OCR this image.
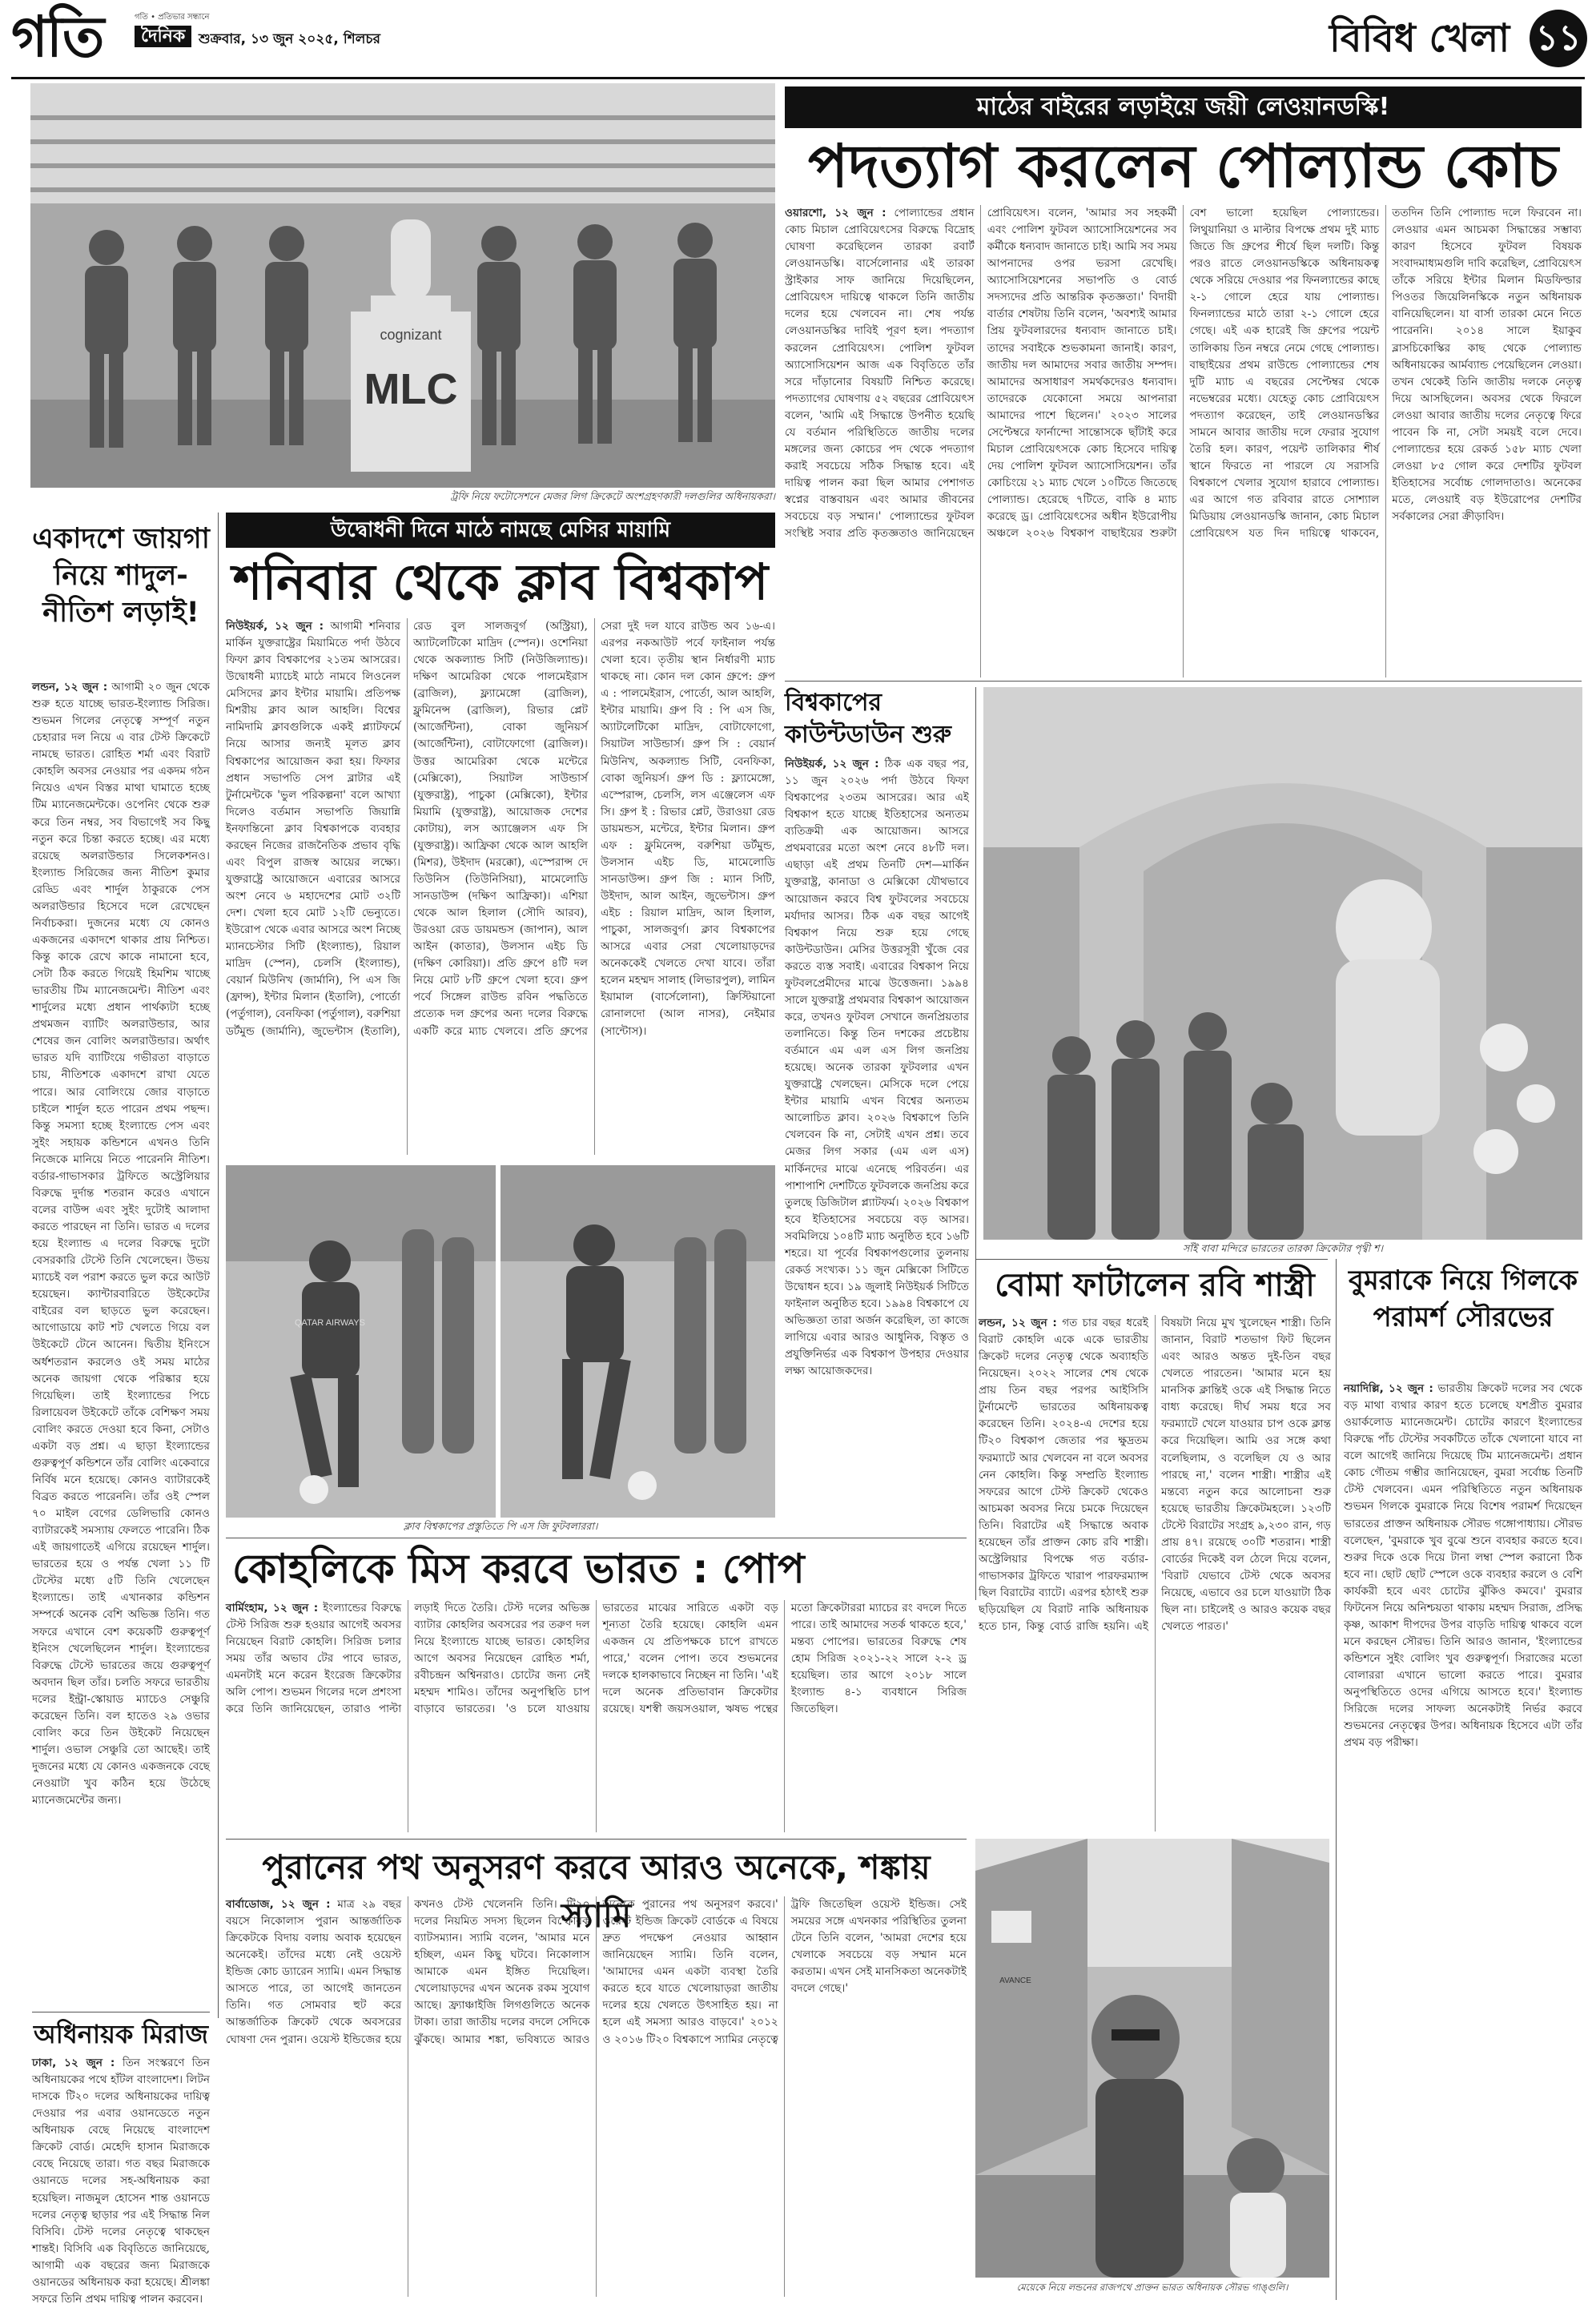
গতি	গতি • প্রতিভার সন্ধানে
দৈনিক শুক্রবার, ১৩ জুন ২০২৫, শিলচর	বিবিধ খেলা ১১
cognizant
MLC
ট্রফি নিয়ে ফটোসেশনে মেজর লিগ ক্রিকেটে অংশগ্রহণকারী দলগুলির অধিনায়করা।
মাঠের বাইরের লড়াইয়ে জয়ী লেওয়ানডস্কি!
পদত্যাগ করলেন পোল্যান্ড কোচ
ওয়ারশো, ১২ জুন : পোল্যান্ডের প্রধান কোচ মিচাল প্রোবিয়েৎসের বিরুদ্ধে বিদ্রোহ ঘোষণা করেছিলেন তারকা রবার্ট লেওয়ানডস্কি। বার্সেলোনার এই তারকা স্ট্রাইকার সাফ জানিয়ে দিয়েছিলেন, প্রোবিয়েৎস দায়িত্বে থাকলে তিনি জাতীয় দলের হয়ে খেলবেন না। শেষ পর্যন্ত লেওয়ানডস্কির দাবিই পূরণ হল। পদত্যাগ করলেন প্রোবিয়েৎস। পোলিশ ফুটবল অ্যাসোসিয়েশন আজ এক বিবৃতিতে তাঁর সরে দাঁড়ানোর বিষয়টি নিশ্চিত করেছে। পদত্যাগের ঘোষণায় ৫২ বছরের প্রোবিয়েৎস বলেন, 'আমি এই সিদ্ধান্তে উপনীত হয়েছি যে বর্তমান পরিস্থিতিতে জাতীয় দলের মঙ্গলের জন্য কোচের পদ থেকে পদত্যাগ করাই সবচেয়ে সঠিক সিদ্ধান্ত হবে। এই দায়িত্ব পালন করা ছিল আমার পেশাগত স্বপ্নের বাস্তবায়ন এবং আমার জীবনের সবচেয়ে বড় সম্মান।' পোল্যান্ডের ফুটবল সংস্থিষ্ট সবার প্রতি কৃতজ্ঞতাও জানিয়েছেন প্রোবিয়েৎস। বলেন, 'আমার সব সহকর্মী এবং পোলিশ ফুটবল অ্যাসোসিয়েশনের সব কর্মীকে ধন্যবাদ জানাতে চাই। আমি সব সময় আপনাদের ওপর ভরসা রেখেছি। অ্যাসোসিয়েশনের সভাপতি ও বোর্ড সদস্যদের প্রতি আন্তরিক কৃতজ্ঞতা।' বিদায়ী বার্তার শেষটায় তিনি বলেন, 'অবশ্যই আমার প্রিয় ফুটবলারদের ধন্যবাদ জানাতে চাই। তাদের সবাইকে শুভকামনা জানাই। কারণ, জাতীয় দল আমাদের সবার জাতীয় সম্পদ। আমাদের অসাধারণ সমর্থকদেরও ধন্যবাদ। তাদেরকে যেকোনো সময়ে আপনারা আমাদের পাশে ছিলেন।' ২০২৩ সালের সেপ্টেম্বরে ফার্নান্দো সান্তোসকে ছাঁটাই করে মিচাল প্রোবিয়েৎসকে কোচ হিসেবে দায়িত্ব দেয় পোলিশ ফুটবল অ্যাসোসিয়েশন। তাঁর কোচিংয়ে ২১ ম্যাচ খেলে ১০টিতে জিতেছে পোল্যান্ড। হেরেছে ৭টিতে, বাকি ৪ ম্যাচ করেছে ড্র। প্রোবিয়েৎসের অধীন ইউরোপীয় অঞ্চলে ২০২৬ বিশ্বকাপ বাছাইয়ের শুরুটা বেশ ভালো হয়েছিল পোল্যান্ডের। লিথুয়ানিয়া ও মাল্টার বিপক্ষে প্রথম দুই ম্যাচ জিতে জি গ্রুপের শীর্ষে ছিল দলটি। কিন্তু পরও রাতে লেওয়ানডস্কিকে অধিনায়কত্ব থেকে সরিয়ে দেওয়ার পর ফিনল্যান্ডের কাছে ২-১ গোলে হেরে যায় পোল্যান্ড। ফিনল্যান্ডের মাঠে তারা ২-১ গোলে হেরে গেছে। এই এক হারেই জি গ্রুপের পয়েন্ট তালিকায় তিন নম্বরে নেমে গেছে পোল্যান্ড। বাছাইয়ের প্রথম রাউন্ডে পোল্যান্ডের শেষ দুটি ম্যাচ এ বছরের সেপ্টেম্বর থেকে নভেম্বরের মধ্যে। যেহেতু কোচ প্রোবিয়েৎস পদত্যাগ করেছেন, তাই লেওয়ানডস্কির সামনে আবার জাতীয় দলে ফেরার সুযোগ তৈরি হল। কারণ, পয়েন্ট তালিকার শীর্ষ স্থানে ফিরতে না পারলে যে সরাসরি বিশ্বকাপে খেলার সুযোগ হারাবে পোল্যান্ড। এর আগে গত রবিবার রাতে সোশ্যাল মিডিয়ায় লেওয়ানডস্কি জানান, কোচ মিচাল প্রোবিয়েৎস যত দিন দায়িত্বে থাকবেন, ততদিন তিনি পোল্যান্ড দলে ফিরবেন না। লেওয়ার এমন আচমকা সিদ্ধান্তের সম্ভাব্য কারণ হিসেবে ফুটবল বিষয়ক সংবাদমাধ্যমগুলি দাবি করেছিল, প্রোবিয়েৎস তাঁকে সরিয়ে ইন্টার মিলান মিডফিল্ডার পিওতর জিয়েলিনস্কিকে নতুন অধিনায়ক বানিয়েছিলেন। যা বার্সা তারকা মেনে নিতে পারেননি। ২০১৪ সালে ইয়াকুব ব্লাসচিকোস্কির কাছ থেকে পোল্যান্ড অধিনায়কের আর্মব্যান্ড পেয়েছিলেন লেওয়া। তখন থেকেই তিনি জাতীয় দলকে নেতৃত্ব দিয়ে আসছিলেন। অবসর থেকে ফিরলে লেওয়া আবার জাতীয় দলের নেতৃত্বে ফিরে পাবেন কি না, সেটা সময়ই বলে দেবে। পোল্যান্ডের হয়ে রেকর্ড ১৫৮ ম্যাচ খেলা লেওয়া ৮৫ গোল করে দেশটির ফুটবল ইতিহাসের সর্বোচ্চ গোলদাতাও। অনেকের মতে, লেওয়াই বড় ইউরোপের দেশটির সর্বকালের সেরা ক্রীড়াবিদ।
একাদশে জায়গা নিয়ে শাদুল- নীতিশ লড়াই!
লন্ডন, ১২ জুন : আগামী ২০ জুন থেকে শুরু হতে যাচ্ছে ভারত-ইংল্যান্ড সিরিজ। শুভমন গিলের নেতৃত্বে সম্পূর্ণ নতুন চেহারার দল নিয়ে এ বার টেস্ট ক্রিকেটে নামছে ভারত। রোহিত শর্মা এবং বিরাট কোহলি অবসর নেওয়ার পর একদম গঠন নিয়েও এখন বিস্তর মাথা ঘামাতে হচ্ছে টিম ম্যানেজমেন্টকে। ওপেনিং থেকে শুরু করে তিন নম্বর, সব বিভাগেই সব কিছু নতুন করে চিন্তা করতে হচ্ছে। এর মধ্যে রয়েছে অলরাউন্ডার সিলেকশনও। ইংল্যান্ড সিরিজের জন্য নীতিশ কুমার রেড্ডি এবং শার্দুল ঠাকুরকে পেস অলরাউন্ডার হিসেবে দলে রেখেছেন নির্বাচকরা। দুজনের মধ্যে যে কোনও একজনের একাদশে থাকার প্রায় নিশ্চিত। কিন্তু কাকে রেখে কাকে নামানো হবে, সেটা ঠিক করতে গিয়েই হিমশিম খাচ্ছে ভারতীয় টিম ম্যানেজমেন্ট। নীতিশ এবং শার্দুলের মধ্যে প্রধান পার্থক্যটা হচ্ছে প্রথমজন ব্যাটিং অলরাউন্ডার, আর শেষের জন বোলিং অলরাউন্ডার। অর্থাৎ ভারত যদি ব্যাটিংয়ে গভীরতা বাড়াতে চায়, নীতিশকে একাদশে রাখা যেতে পারে। আর বোলিংয়ে জোর বাড়াতে চাইলে শার্দুল হতে পারেন প্রথম পছন্দ। কিন্তু সমস্যা হচ্ছে ইংল্যান্ডে পেস এবং সুইং সহায়ক কন্ডিশনে এখনও তিনি নিজেকে মানিয়ে নিতে পারেননি নীতিশ। বর্ডার-গাভাসকার ট্রফিতে অস্ট্রেলিয়ার বিরুদ্ধে দুর্দান্ত শতরান করেও এখানে বলের বাউন্স এবং সুইং দুটোই আলাদা করতে পারছেন না তিনি। ভারত এ দলের হয়ে ইংল্যান্ড এ দলের বিরুদ্ধে দুটো বেসরকারি টেস্টে তিনি খেলেছেন। উভয় ম্যাচেই বল পরাশ করতে ভুল করে আউট হয়েছেন। ক্যান্টারবারিতে উইকেটের বাইরের বল ছাড়তে ভুল করেছেন। আগোডায়ে কাট শট খেলতে গিয়ে বল উইকেটে টেনে আনেন। দ্বিতীয় ইনিংসে অর্ধশতরান করলেও ওই সময় মাঠের অনেক জায়গা থেকে পরিষ্কার হয়ে গিয়েছিল। তাই ইংল্যান্ডের পিচে রিলায়েবল উইকেটে তাঁকে বেশিক্ষণ সময় বোলিং করতে দেওয়া হবে কিনা, সেটাও একটা বড় প্রশ্ন। এ ছাড়া ইংল্যান্ডের গুরুত্বপূর্ণ কন্ডিশনে তাঁর বোলিং একেবারে নির্বিষ মনে হয়েছে। কোনও ব্যাটারকেই বিব্রত করতে পারেননি। তাঁর ওই স্পেল ৭০ মাইল বেগের ডেলিভারি কোনও ব্যাটারকেই সমস্যায় ফেলতে পারেনি। ঠিক এই জায়গাতেই এগিয়ে রয়েছেন শার্দুল। ভারতের হয়ে ও পর্যন্ত খেলা ১১ টি টেস্টের মধ্যে ৫টি তিনি খেলেছেন ইংল্যান্ডে। তাই এখানকার কন্ডিশন সম্পর্কে অনেক বেশি অভিজ্ঞ তিনি। গত সফরে এখানে বেশ কয়েকটি গুরুত্বপূর্ণ ইনিংস খেলেছিলেন শার্দুল। ইংল্যান্ডের বিরুদ্ধে টেস্টে ভারতের জয়ে গুরুত্বপূর্ণ অবদান ছিল তাঁর। চলতি সফরে ভারতীয় দলের ইন্ট্রা-স্কোয়াড ম্যাচেও সেঞ্চুরি করেছেন তিনি। বল হাতেও ২৯ ওভার বোলিং করে তিন উইকেট নিয়েছেন শার্দুল। ওভাল সেঞ্চুরি তো আছেই। তাই দুজনের মধ্যে যে কোনও একজনকে বেছে নেওয়াটা খুব কঠিন হয়ে উঠেছে ম্যানেজমেন্টের জন্য।
অধিনায়ক মিরাজ
ঢাকা, ১২ জুন : তিন সংস্করণে তিন অধিনায়কের পথে হাঁটল বাংলাদেশ। লিটন দাসকে টি২০ দলের অধিনায়কের দায়িত্ব দেওয়ার পর এবার ওয়ানডেতে নতুন অধিনায়ক বেছে নিয়েছে বাংলাদেশ ক্রিকেট বোর্ড। মেহেদি হাসান মিরাজকে বেছে নিয়েছে তারা। গত বছর মিরাজকে ওয়ানডে দলের সহ-অধিনায়ক করা হয়েছিল। নাজমুল হোসেন শান্ত ওয়ানডে দলের নেতৃত্ব ছাড়ার পর এই সিদ্ধান্ত নিল বিসিবি। টেস্ট দলের নেতৃত্বে থাকছেন শান্তই। বিসিবি এক বিবৃতিতে জানিয়েছে, আগামী এক বছরের জন্য মিরাজকে ওয়ানডের অধিনায়ক করা হয়েছে। শ্রীলঙ্কা সফরে তিনি প্রথম দায়িত্ব পালন করবেন।
উদ্বোধনী দিনে মাঠে নামছে মেসির মায়ামি
শনিবার থেকে ক্লাব বিশ্বকাপ
নিউইয়র্ক, ১২ জুন : আগামী শনিবার মার্কিন যুক্তরাষ্ট্রের মিয়ামিতে পর্দা উঠবে ফিফা ক্লাব বিশ্বকাপের ২১তম আসরের। উদ্বোধনী ম্যাচেই মাঠে নামবে লিওনেল মেসিদের ক্লাব ইন্টার মায়ামি। প্রতিপক্ষ মিশরীয় ক্লাব আল আহলি। বিশ্বের নামিদামি ক্লাবগুলিকে একই প্ল্যাটফর্মে নিয়ে আসার জন্যই মূলত ক্লাব বিশ্বকাপের আয়োজন করা হয়। ফিফার প্রধান সভাপতি সেপ ব্লাটার এই টুর্নামেন্টকে 'ভুল পরিকল্পনা' বলে আখ্যা দিলেও বর্তমান সভাপতি জিয়ান্নি ইনফান্তিনো ক্লাব বিশ্বকাপকে ব্যবহার করছেন নিজের রাজনৈতিক প্রভাব বৃদ্ধি এবং বিপুল রাজস্ব আয়ের লক্ষ্যে। যুক্তরাষ্ট্রে আয়োজনে এবারের আসরে অংশ নেবে ৬ মহাদেশের মোট ৩২টি দেশ। খেলা হবে মোট ১২টি ভেন্যুতে। ইউরোপ থেকে এবার আসরে অংশ নিচ্ছে ম্যানচেস্টার সিটি (ইংল্যান্ড), রিয়াল মাদ্রিদ (স্পেন), চেলসি (ইংল্যান্ড), বেয়ার্ন মিউনিখ (জার্মানি), পি এস জি (ফ্রান্স), ইন্টার মিলান (ইতালি), পোর্তো (পর্তুগাল), বেনফিকা (পর্তুগাল), বরুশিয়া ডর্টমুন্ড (জার্মানি), জুভেন্টাস (ইতালি), রেড বুল সালজবুর্গ (অস্ট্রিয়া), অ্যাটলেটিকো মাদ্রিদ (স্পেন)। ওশেনিয়া থেকে অকল্যান্ড সিটি (নিউজিল্যান্ড)। দক্ষিণ আমেরিকা থেকে পালমেইরাস (ব্রাজিল), ফ্ল্যামেঙ্গো (ব্রাজিল), ফ্লুমিনেন্স (ব্রাজিল), রিভার প্লেট (আর্জেন্টিনা), বোকা জুনিয়র্স (আর্জেন্টিনা), বোটাফোগো (ব্রাজিল)। উত্তর আমেরিকা থেকে মন্টেরে (মেক্সিকো), সিয়াটল সাউন্ডার্স (যুক্তরাষ্ট্র), পাচুকা (মেক্সিকো), ইন্টার মিয়ামি (যুক্তরাষ্ট্র), আয়োজক দেশের কোটায়), লস অ্যাঞ্জেলস এফ সি (যুক্তরাষ্ট্র)। আফ্রিকা থেকে আল আহলি (মিশর), উইদাদ (মরক্কো), এস্পেরান্স দে তিউনিস (তিউনিসিয়া), মামেলোডি সানডাউন্স (দক্ষিণ আফ্রিকা)। এশিয়া থেকে আল হিলাল (সৌদি আরব), উরওয়া রেড ডায়মন্ডস (জাপান), আল আইন (কাতার), উলসান এইচ ডি (দক্ষিণ কোরিয়া)। প্রতি গ্রুপে ৪টি দল নিয়ে মোট ৮টি গ্রুপে খেলা হবে। গ্রুপ পর্বে সিঙ্গেল রাউন্ড রবিন পদ্ধতিতে প্রত্যেক দল গ্রুপের অন্য দলের বিরুদ্ধে একটি করে ম্যাচ খেলবে। প্রতি গ্রুপের সেরা দুই দল যাবে রাউন্ড অব ১৬-এ। এরপর নকআউট পর্বে ফাইনাল পর্যন্ত খেলা হবে। তৃতীয় স্থান নির্ধারণী ম্যাচ থাকছে না। কোন দল কোন গ্রুপে: গ্রুপ এ : পালমেইরাস, পোর্তো, আল আহলি, ইন্টার মায়ামি। গ্রুপ বি : পি এস জি, অ্যাটলেটিকো মাদ্রিদ, বোটাফোগো, সিয়াটল সাউন্ডার্স। গ্রুপ সি : বেয়ার্ন মিউনিখ, অকল্যান্ড সিটি, বেনফিকা, বোকা জুনিয়র্স। গ্রুপ ডি : ফ্ল্যামেঙ্গো, এস্পেরান্স, চেলসি, লস এঞ্জেলেস এফ সি। গ্রুপ ই : রিভার প্লেট, উরাওয়া রেড ডায়মন্ডস, মন্টেরে, ইন্টার মিলান। গ্রুপ এফ : ফ্লুমিনেন্স, বরুশিয়া ডর্টমুন্ড, উলসান এইচ ডি, মামেলোডি সানডাউন্স। গ্রুপ জি : ম্যান সিটি, উইদাদ, আল আইন, জুভেন্টাস। গ্রুপ এইচ : রিয়াল মাদ্রিদ, আল হিলাল, পাচুকা, সালজবুর্গ। ক্লাব বিশ্বকাপের আসরে এবার সেরা খেলোয়াড়দের অনেককেই খেলতে দেখা যাবে। তাঁরা হলেন মহম্মদ সালাহ (লিভারপুল), লামিন ইয়ামাল (বার্সেলোনা), ক্রিস্টিয়ানো রোনালদো (আল নাসর), নেইমার (সান্টোস)।
QATAR AIRWAYS
ক্লাব বিশ্বকাপের প্রস্তুতিতে পি এস জি ফুটবলাররা।
কোহলিকে মিস করবে ভারত : পোপ
বার্মিংহাম, ১২ জুন : ইংল্যান্ডের বিরুদ্ধে টেস্ট সিরিজ শুরু হওয়ার আগেই অবসর নিয়েছেন বিরাট কোহলি। সিরিজ চলার সময় তাঁর অভাব টের পাবে ভারত, এমনটাই মনে করেন ইংরেজ ক্রিকেটার অলি পোপ। শুভমন গিলের দলে প্রশংসা করে তিনি জানিয়েছেন, তারাও পাল্টা লড়াই দিতে তৈরি। টেস্ট দলের অভিজ্ঞ ব্যাটার কোহলির অবসরের পর তরুণ দল নিয়ে ইংল্যান্ডে যাচ্ছে ভারত। কোহলির আগে অবসর নিয়েছেন রোহিত শর্মা, রবীচন্দ্রন অশ্বিনরাও। চোটের জন্য নেই মহম্মদ শামিও। তাঁদের অনুপস্থিতি চাপ বাড়াবে ভারতের। 'ও চলে যাওয়ায় ভারতের মাঝের সারিতে একটা বড় শূন্যতা তৈরি হয়েছে। কোহলি এমন একজন যে প্রতিপক্ষকে চাপে রাখতে পারে,' বলেন পোপ। তবে শুভমনের দলকে হালকাভাবে নিচ্ছেন না তিনি। 'এই দলে অনেক প্রতিভাবান ক্রিকেটার রয়েছে। যশস্বী জয়সওয়াল, ঋষভ পন্থের মতো ক্রিকেটাররা ম্যাচের রং বদলে দিতে পারে। তাই আমাদের সতর্ক থাকতে হবে,' মন্তব্য পোপের। ভারতের বিরুদ্ধে শেষ হোম সিরিজ ২০২১-২২ সালে ২-২ ড্র হয়েছিল। তার আগে ২০১৮ সালে ইংল্যান্ড ৪-১ ব্যবধানে সিরিজ জিতেছিল।
পুরানের পথ অনুসরণ করবে আরও অনেকে, শঙ্কায় স্যামি
বার্বাডোজ, ১২ জুন : মাত্র ২৯ বছর বয়সে নিকোলাস পুরান আন্তর্জাতিক ক্রিকেটকে বিদায় বলায় অবাক হয়েছেন অনেকেই। তাঁদের মধ্যে নেই ওয়েস্ট ইন্ডিজ কোচ ড্যারেন স্যামি। এমন সিদ্ধান্ত আসতে পারে, তা আগেই জানতেন তিনি। গত সোমবার হুট করে আন্তর্জাতিক ক্রিকেট থেকে অবসরের ঘোষণা দেন পুরান। ওয়েস্ট ইন্ডিজের হয়ে কখনও টেস্ট খেলেননি তিনি। টি২০ দলের নিয়মিত সদস্য ছিলেন বিস্ফোরক ব্যাটসম্যান। স্যামি বলেন, 'আমার মনে হচ্ছিল, এমন কিছু ঘটবে। নিকোলাস আমাকে এমন ইঙ্গিত দিয়েছিল। খেলোয়াড়দের এখন অনেক রকম সুযোগ আছে। ফ্র্যাঞ্চাইজি লিগগুলিতে অনেক টাকা। তারা জাতীয় দলের বদলে সেদিকে ঝুঁকছে। আমার শঙ্কা, ভবিষ্যতে আরও অনেকে পুরানের পথ অনুসরণ করবে।' ওয়েস্ট ইন্ডিজ ক্রিকেট বোর্ডকে এ বিষয়ে দ্রুত পদক্ষেপ নেওয়ার আহ্বান জানিয়েছেন স্যামি। তিনি বলেন, 'আমাদের এমন একটা ব্যবস্থা তৈরি করতে হবে যাতে খেলোয়াড়রা জাতীয় দলের হয়ে খেলতে উৎসাহিত হয়। না হলে এই সমস্যা আরও বাড়বে।' ২০১২ ও ২০১৬ টি২০ বিশ্বকাপে স্যামির নেতৃত্বে ট্রফি জিতেছিল ওয়েস্ট ইন্ডিজ। সেই সময়ের সঙ্গে এখনকার পরিস্থিতির তুলনা টেনে তিনি বলেন, 'আমরা দেশের হয়ে খেলাকে সবচেয়ে বড় সম্মান মনে করতাম। এখন সেই মানসিকতা অনেকটাই বদলে গেছে।'
বিশ্বকাপের কাউন্টডাউন শুরু
নিউইয়র্ক, ১২ জুন : ঠিক এক বছর পর, ১১ জুন ২০২৬ পর্দা উঠবে ফিফা বিশ্বকাপের ২৩তম আসরের। আর এই বিশ্বকাপ হতে যাচ্ছে ইতিহাসের অন্যতম ব্যতিক্রমী এক আয়োজন। আসরে প্রথমবারের মতো অংশ নেবে ৪৮টি দল। এছাড়া এই প্রথম তিনটি দেশ—মার্কিন যুক্তরাষ্ট্র, কানাডা ও মেক্সিকো যৌথভাবে আয়োজন করবে বিশ্ব ফুটবলের সবচেয়ে মর্যাদার আসর। ঠিক এক বছর আগেই বিশ্বকাপ নিয়ে শুরু হয়ে গেছে কাউন্টডাউন। মেসির উত্তরসূরী খুঁজে বের করতে ব্যস্ত সবাই। এবারের বিশ্বকাপ নিয়ে ফুটবলপ্রেমীদের মাঝে উত্তেজনা। ১৯৯৪ সালে যুক্তরাষ্ট্র প্রথমবার বিশ্বকাপ আয়োজন করে, তখনও ফুটবল সেখানে জনপ্রিয়তার তলানিতে। কিন্তু তিন দশকের প্রচেষ্টায় বর্তমানে এম এল এস লিগ জনপ্রিয় হয়েছে। অনেক তারকা ফুটবলার এখন যুক্তরাষ্ট্রে খেলছেন। মেসিকে দলে পেয়ে ইন্টার মায়ামি এখন বিশ্বের অন্যতম আলোচিত ক্লাব। ২০২৬ বিশ্বকাপে তিনি খেলবেন কি না, সেটাই এখন প্রশ্ন। তবে মেজর লিগ সকার (এম এল এস) মার্কিনদের মাঝে এনেছে পরিবর্তন। এর পাশাপাশি দেশটিতে ফুটবলকে জনপ্রিয় করে তুলছে ডিজিটাল প্ল্যাটফর্ম। ২০২৬ বিশ্বকাপ হবে ইতিহাসের সবচেয়ে বড় আসর। সবমিলিয়ে ১০৪টি ম্যাচ অনুষ্ঠিত হবে ১৬টি শহরে। যা পূর্বের বিশ্বকাপগুলোর তুলনায় রেকর্ড সংখ্যক। ১১ জুন মেক্সিকো সিটিতে উদ্বোধন হবে। ১৯ জুলাই নিউইয়র্ক সিটিতে ফাইনাল অনুষ্ঠিত হবে। ১৯৯৪ বিশ্বকাপে যে অভিজ্ঞতা তারা অর্জন করেছিল, তা কাজে লাগিয়ে এবার আরও আধুনিক, বিস্তৃত ও প্রযুক্তিনির্ভর এক বিশ্বকাপ উপহার দেওয়ার লক্ষ্য আয়োজকদের।
সাঁই বাবা মন্দিরে ভারতের তারকা ক্রিকেটার পৃথ্বী শ।
বোমা ফাটালেন রবি শাস্ত্রী
লন্ডন, ১২ জুন : গত চার বছর ধরেই বিরাট কোহলি একে একে ভারতীয় ক্রিকেট দলের নেতৃত্ব থেকে অব্যাহতি নিয়েছেন। ২০২২ সালের শেষ থেকে প্রায় তিন বছর পরপর আইসিসি টুর্নামেন্টে ভারতের অধিনায়কত্ব করেছেন তিনি। ২০২৪-এ দেশের হয়ে টি২০ বিশ্বকাপ জেতার পর ক্ষুদ্রতম ফরম্যাটে আর খেলবেন না বলে অবসর নেন কোহলি। কিন্তু সম্প্রতি ইংল্যান্ড সফরের আগে টেস্ট ক্রিকেট থেকেও আচমকা অবসর নিয়ে চমকে দিয়েছেন তিনি। বিরাটের এই সিদ্ধান্তে অবাক হয়েছেন তাঁর প্রাক্তন কোচ রবি শাস্ত্রী। অস্ট্রেলিয়ার বিপক্ষে গত বর্ডার-গাভাসকার ট্রফিতে খারাপ পারফরম্যান্স ছিল বিরাটের ব্যাটে। এরপর হঠাৎই শুরু ছড়িয়েছিল যে বিরাট নাকি অধিনায়ক হতে চান, কিন্তু বোর্ড রাজি হয়নি। এই বিষয়টা নিয়ে মুখ খুলেছেন শাস্ত্রী। তিনি জানান, বিরাট শতভাগ ফিট ছিলেন এবং আরও অন্তত দুই-তিন বছর খেলতে পারতেন। 'আমার মনে হয় মানসিক ক্লান্তিই ওকে এই সিদ্ধান্ত নিতে বাধ্য করেছে। দীর্ঘ সময় ধরে সব ফরম্যাটে খেলে যাওয়ার চাপ ওকে ক্লান্ত করে দিয়েছিল। আমি ওর সঙ্গে কথা বলেছিলাম, ও বলেছিল যে ও আর পারছে না,' বলেন শাস্ত্রী। শাস্ত্রীর এই মন্তব্যে নতুন করে আলোচনা শুরু হয়েছে ভারতীয় ক্রিকেটমহলে। ১২৩টি টেস্টে বিরাটের সংগ্রহ ৯,২৩০ রান, গড় প্রায় ৪৭। রয়েছে ৩০টি শতরান। শাস্ত্রী বোর্ডের দিকেই বল ঠেলে দিয়ে বলেন, 'বিরাট যেভাবে টেস্ট থেকে অবসর নিয়েছে, এভাবে ওর চলে যাওয়াটা ঠিক ছিল না। চাইলেই ও আরও কয়েক বছর খেলতে পারত।'
বুমরাকে নিয়ে গিলকে পরামর্শ সৌরভের
নয়াদিল্লি, ১২ জুন : ভারতীয় ক্রিকেট দলের সব থেকে বড় মাথা ব্যথার কারণ হতে চলেছে যশপ্রীত বুমরার ওয়ার্কলোড ম্যানেজমেন্ট। চোটের কারণে ইংল্যান্ডের বিরুদ্ধে পাঁচ টেস্টের সবকটিতে তাঁকে খেলানো যাবে না বলে আগেই জানিয়ে দিয়েছে টিম ম্যানেজমেন্ট। প্রধান কোচ গৌতম গম্ভীর জানিয়েছেন, বুমরা সর্বোচ্চ তিনটি টেস্ট খেলবেন। এমন পরিস্থিতিতে নতুন অধিনায়ক শুভমন গিলকে বুমরাকে নিয়ে বিশেষ পরামর্শ দিয়েছেন ভারতের প্রাক্তন অধিনায়ক সৌরভ গঙ্গোপাধ্যায়। সৌরভ বলেছেন, 'বুমরাকে খুব বুঝে শুনে ব্যবহার করতে হবে। শুরুর দিকে ওকে দিয়ে টানা লম্বা স্পেল করানো ঠিক হবে না। ছোট ছোট স্পেলে ওকে ব্যবহার করলে ও বেশি কার্যকরী হবে এবং চোটের ঝুঁকিও কমবে।' বুমরার ফিটনেস নিয়ে অনিশ্চয়তা থাকায় মহম্মদ সিরাজ, প্রসিদ্ধ কৃষ্ণ, আকাশ দীপদের উপর বাড়তি দায়িত্ব থাকবে বলে মনে করছেন সৌরভ। তিনি আরও জানান, 'ইংল্যান্ডের কন্ডিশনে সুইং বোলিং খুব গুরুত্বপূর্ণ। সিরাজের মতো বোলাররা এখানে ভালো করতে পারে। বুমরার অনুপস্থিতিতে ওদের এগিয়ে আসতে হবে।' ইংল্যান্ড সিরিজে দলের সাফল্য অনেকটাই নির্ভর করবে শুভমনের নেতৃত্বের উপর। অধিনায়ক হিসেবে এটা তাঁর প্রথম বড় পরীক্ষা।
AVANCE
মেয়েকে নিয়ে লন্ডনের রাজপথে প্রাক্তন ভারত অধিনায়ক সৌরভ গাঙ্গুলি।
